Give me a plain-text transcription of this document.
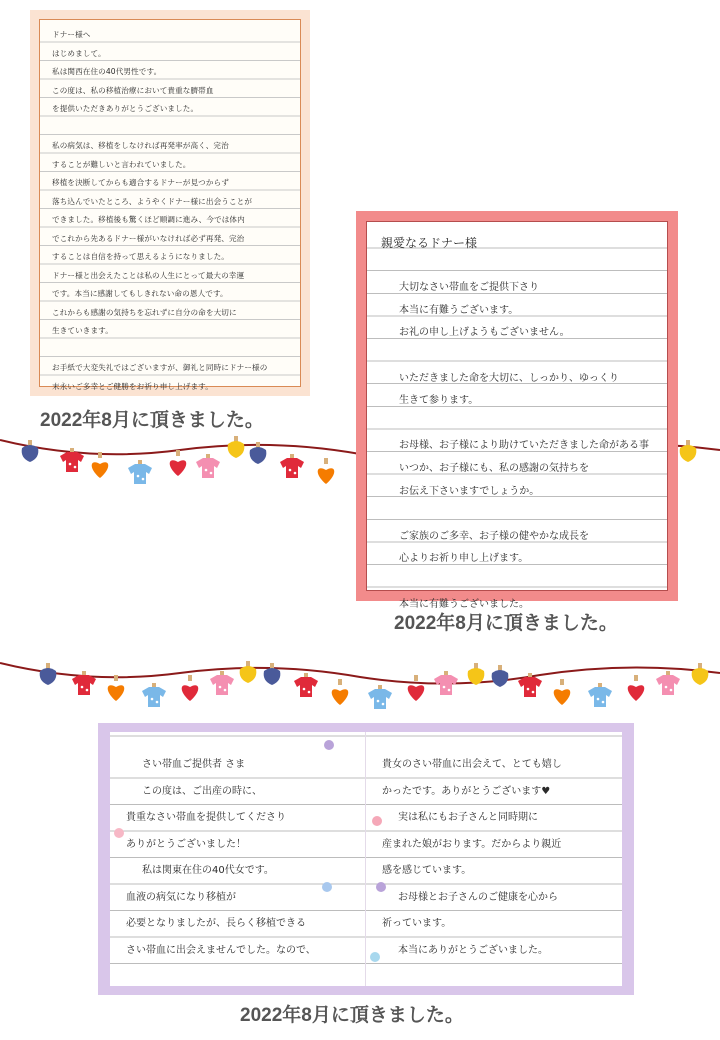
ドナー様へ
はじめまして。
私は関西在住の40代男性です。
この度は、私の移植治療において貴重な臍帯血
を提供いただきありがとうございました。
私の病気は、移植をしなければ再発率が高く、完治
することが難しいと言われていました。
移植を決断してからも適合するドナーが見つからず
落ち込んでいたところ、ようやくドナー様に出会うことが
できました。移植後も驚くほど順調に進み、今では体内
でこれから先あるドナー様がいなければ必ず再発、完治
することは自信を持って思えるようになりました。
ドナー様と出会えたことは私の人生にとって最大の幸運
です。本当に感謝してもしきれない命の恩人です。
これからも感謝の気持ちを忘れずに自分の命を大切に
生きていきます。
お手紙で大変失礼ではございますが、御礼と同時にドナー様の
末永いご多幸とご健勝をお祈り申し上げます。
2022年8月に頂きました。
親愛なるドナー様
大切なさい帯血をご提供下さり
本当に有難うございます。
お礼の申し上げようもございません。
いただきました命を大切に、しっかり、ゆっくり
生きて参ります。
お母様、お子様により助けていただきました命がある事
いつか、お子様にも、私の感謝の気持ちを
お伝え下さいますでしょうか。
ご家族のご多幸、お子様の健やかな成長を
心よりお祈り申し上げます。
本当に有難うございました。
2022年8月に頂きました。
さい帯血ご提供者 さま
この度は、ご出産の時に、
貴重なさい帯血を提供してくださり
ありがとうございました！
私は関東在住の40代女です。
血液の病気になり移植が
必要となりましたが、長らく移植できる
さい帯血に出会えませんでした。なので、
貴女のさい帯血に出会えて、とても嬉し
かったです。ありがとうございます♥
実は私にもお子さんと同時期に
産まれた娘がおります。だからより親近
感を感じています。
お母様とお子さんのご健康を心から
祈っています。
本当にありがとうございました。
2022年8月に頂きました。
